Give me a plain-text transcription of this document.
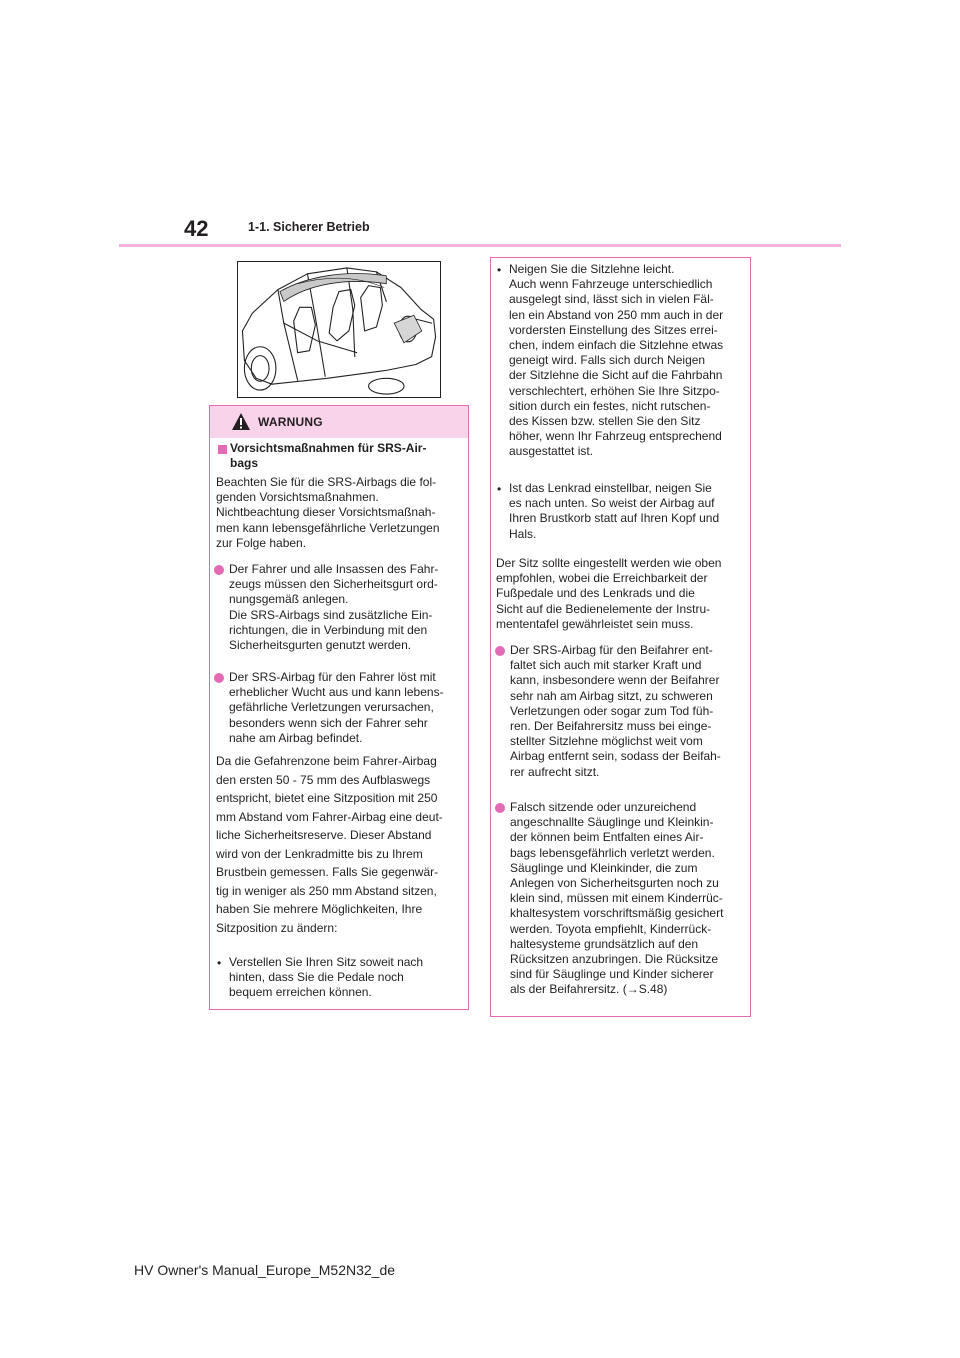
42	1-1. Sicherer Betrieb
WARNUNG
Vorsichtsmaßnahmen für SRS-Air-
bags
Beachten Sie für die SRS-Airbags die fol-
genden Vorsichtsmaßnahmen.
Nichtbeachtung dieser Vorsichtsmaßnah-
men kann lebensgefährliche Verletzungen
zur Folge haben.
Der Fahrer und alle Insassen des Fahr-
zeugs müssen den Sicherheitsgurt ord-
nungsgemäß anlegen.
Die SRS-Airbags sind zusätzliche Ein-
richtungen, die in Verbindung mit den
Sicherheitsgurten genutzt werden.
Der SRS-Airbag für den Fahrer löst mit
erheblicher Wucht aus und kann lebens-
gefährliche Verletzungen verursachen,
besonders wenn sich der Fahrer sehr
nahe am Airbag befindet.
Da die Gefahrenzone beim Fahrer-Airbag
den ersten 50 - 75 mm des Aufblaswegs
entspricht, bietet eine Sitzposition mit 250
mm Abstand vom Fahrer-Airbag eine deut-
liche Sicherheitsreserve. Dieser Abstand
wird von der Lenkradmitte bis zu Ihrem
Brustbein gemessen. Falls Sie gegenwär-
tig in weniger als 250 mm Abstand sitzen,
haben Sie mehrere Möglichkeiten, Ihre
Sitzposition zu ändern:
• Verstellen Sie Ihren Sitz soweit nach
hinten, dass Sie die Pedale noch
bequem erreichen können.
• Neigen Sie die Sitzlehne leicht.
Auch wenn Fahrzeuge unterschiedlich
ausgelegt sind, lässt sich in vielen Fäl-
len ein Abstand von 250 mm auch in der
vordersten Einstellung des Sitzes errei-
chen, indem einfach die Sitzlehne etwas
geneigt wird. Falls sich durch Neigen
der Sitzlehne die Sicht auf die Fahrbahn
verschlechtert, erhöhen Sie Ihre Sitzpo-
sition durch ein festes, nicht rutschen-
des Kissen bzw. stellen Sie den Sitz
höher, wenn Ihr Fahrzeug entsprechend
ausgestattet ist.
• Ist das Lenkrad einstellbar, neigen Sie
es nach unten. So weist der Airbag auf
Ihren Brustkorb statt auf Ihren Kopf und
Hals.
Der Sitz sollte eingestellt werden wie oben
empfohlen, wobei die Erreichbarkeit der
Fußpedale und des Lenkrads und die
Sicht auf die Bedienelemente der Instru-
mententafel gewährleistet sein muss.
Der SRS-Airbag für den Beifahrer ent-
faltet sich auch mit starker Kraft und
kann, insbesondere wenn der Beifahrer
sehr nah am Airbag sitzt, zu schweren
Verletzungen oder sogar zum Tod füh-
ren. Der Beifahrersitz muss bei einge-
stellter Sitzlehne möglichst weit vom
Airbag entfernt sein, sodass der Beifah-
rer aufrecht sitzt.
Falsch sitzende oder unzureichend
angeschnallte Säuglinge und Kleinkin-
der können beim Entfalten eines Air-
bags lebensgefährlich verletzt werden.
Säuglinge und Kleinkinder, die zum
Anlegen von Sicherheitsgurten noch zu
klein sind, müssen mit einem Kinderrüc-
khaltesystem vorschriftsmäßig gesichert
werden. Toyota empfiehlt, Kinderrück-
haltesysteme grundsätzlich auf den
Rücksitzen anzubringen. Die Rücksitze
sind für Säuglinge und Kinder sicherer
als der Beifahrersitz. (→S.48)
HV Owner's Manual_Europe_M52N32_de
